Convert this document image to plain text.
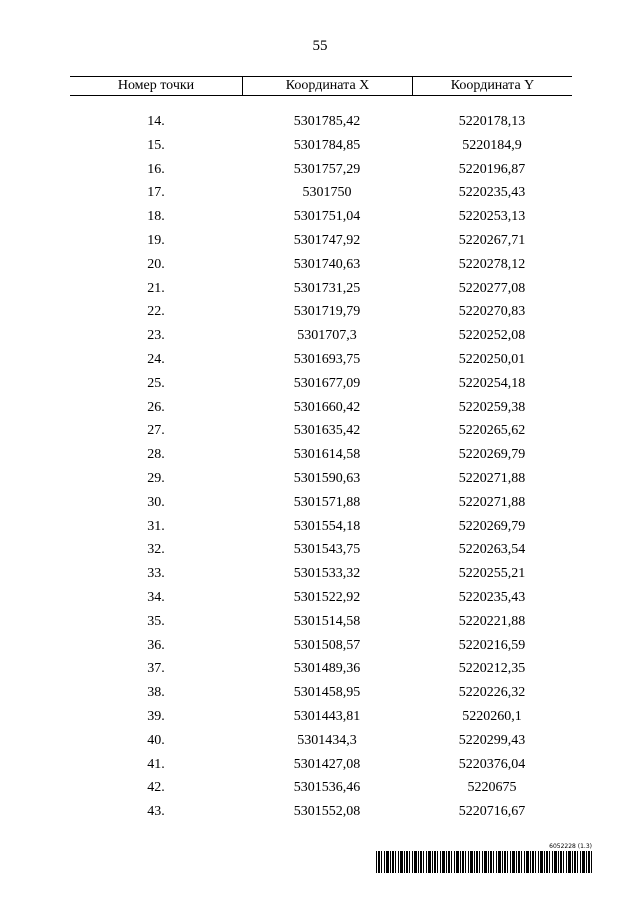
55
Номер точки	Координата X	Координата Y
14.	5301785,42	5220178,13
15.	5301784,85	5220184,9
16.	5301757,29	5220196,87
17.	5301750	5220235,43
18.	5301751,04	5220253,13
19.	5301747,92	5220267,71
20.	5301740,63	5220278,12
21.	5301731,25	5220277,08
22.	5301719,79	5220270,83
23.	5301707,3	5220252,08
24.	5301693,75	5220250,01
25.	5301677,09	5220254,18
26.	5301660,42	5220259,38
27.	5301635,42	5220265,62
28.	5301614,58	5220269,79
29.	5301590,63	5220271,88
30.	5301571,88	5220271,88
31.	5301554,18	5220269,79
32.	5301543,75	5220263,54
33.	5301533,32	5220255,21
34.	5301522,92	5220235,43
35.	5301514,58	5220221,88
36.	5301508,57	5220216,59
37.	5301489,36	5220212,35
38.	5301458,95	5220226,32
39.	5301443,81	5220260,1
40.	5301434,3	5220299,43
41.	5301427,08	5220376,04
42.	5301536,46	5220675
43.	5301552,08	5220716,67
6052228 (1.3)
